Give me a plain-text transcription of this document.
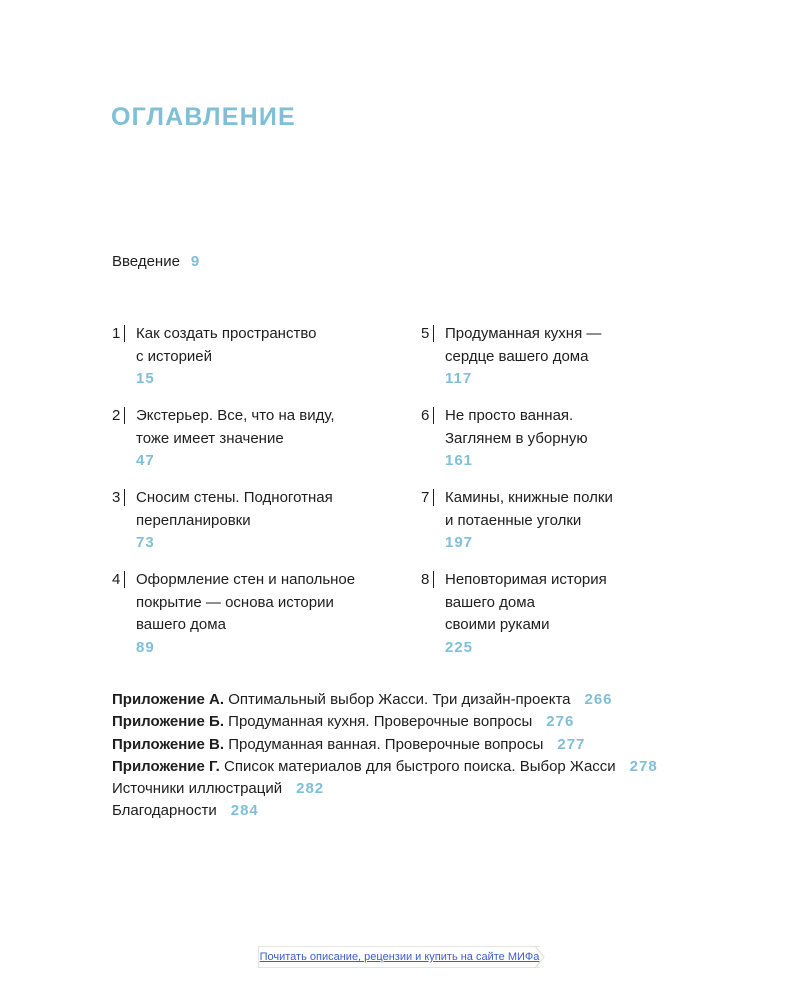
ОГЛАВЛЕНИЕ
Введение 9
1 Как создать пространство
с историей
15
2 Экстерьер. Все, что на виду,
тоже имеет значение
47
3 Сносим стены. Подноготная
перепланировки
73
4 Оформление стен и напольное
покрытие — основа истории
вашего дома
89
5 Продуманная кухня —
сердце вашего дома
117
6 Не просто ванная.
Заглянем в уборную
161
7 Камины, книжные полки
и потаенные уголки
197
8 Неповторимая история
вашего дома
своими руками
225
Приложение А. Оптимальный выбор Жасси. Три дизайн-проекта 266
Приложение Б. Продуманная кухня. Проверочные вопросы 276
Приложение В. Продуманная ванная. Проверочные вопросы 277
Приложение Г. Список материалов для быстрого поиска. Выбор Жасси 278
Источники иллюстраций 282
Благодарности 284
Почитать описание, рецензии и купить на сайте МИФа
